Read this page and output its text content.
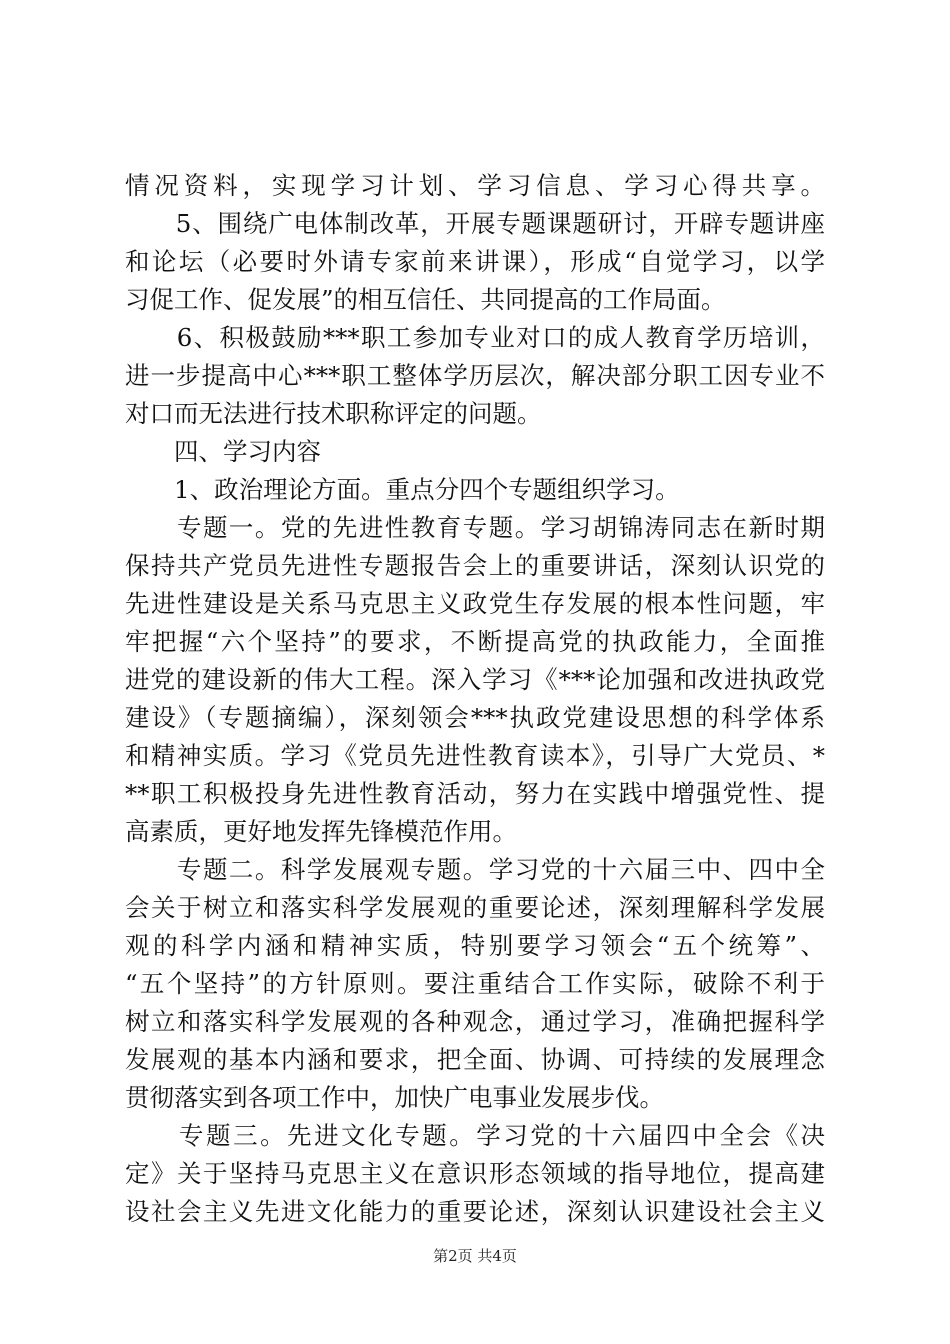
情况资料，实现学习计划、学习信息、学习心得共享。
　　5、围绕广电体制改革，开展专题课题研讨，开辟专题讲座
和论坛（必要时外请专家前来讲课），形成“自觉学习，以学
习促工作、促发展”的相互信任、共同提高的工作局面。
　　6、积极鼓励***职工参加专业对口的成人教育学历培训，
进一步提高中心***职工整体学历层次，解决部分职工因专业不
对口而无法进行技术职称评定的问题。
　　四、学习内容
　　1、政治理论方面。重点分四个专题组织学习。
　　专题一。党的先进性教育专题。学习胡锦涛同志在新时期
保持共产党员先进性专题报告会上的重要讲话，深刻认识党的
先进性建设是关系马克思主义政党生存发展的根本性问题，牢
牢把握“六个坚持”的要求，不断提高党的执政能力，全面推
进党的建设新的伟大工程。深入学习《***论加强和改进执政党
建设》（专题摘编），深刻领会***执政党建设思想的科学体系
和精神实质。学习《党员先进性教育读本》，引导广大党员、*
**职工积极投身先进性教育活动，努力在实践中增强党性、提
高素质，更好地发挥先锋模范作用。
　　专题二。科学发展观专题。学习党的十六届三中、四中全
会关于树立和落实科学发展观的重要论述，深刻理解科学发展
观的科学内涵和精神实质，特别要学习领会“五个统筹”、
“五个坚持”的方针原则。要注重结合工作实际，破除不利于
树立和落实科学发展观的各种观念，通过学习，准确把握科学
发展观的基本内涵和要求，把全面、协调、可持续的发展理念
贯彻落实到各项工作中，加快广电事业发展步伐。
　　专题三。先进文化专题。学习党的十六届四中全会《决
定》关于坚持马克思主义在意识形态领域的指导地位，提高建
设社会主义先进文化能力的重要论述，深刻认识建设社会主义
第2页 共4页
